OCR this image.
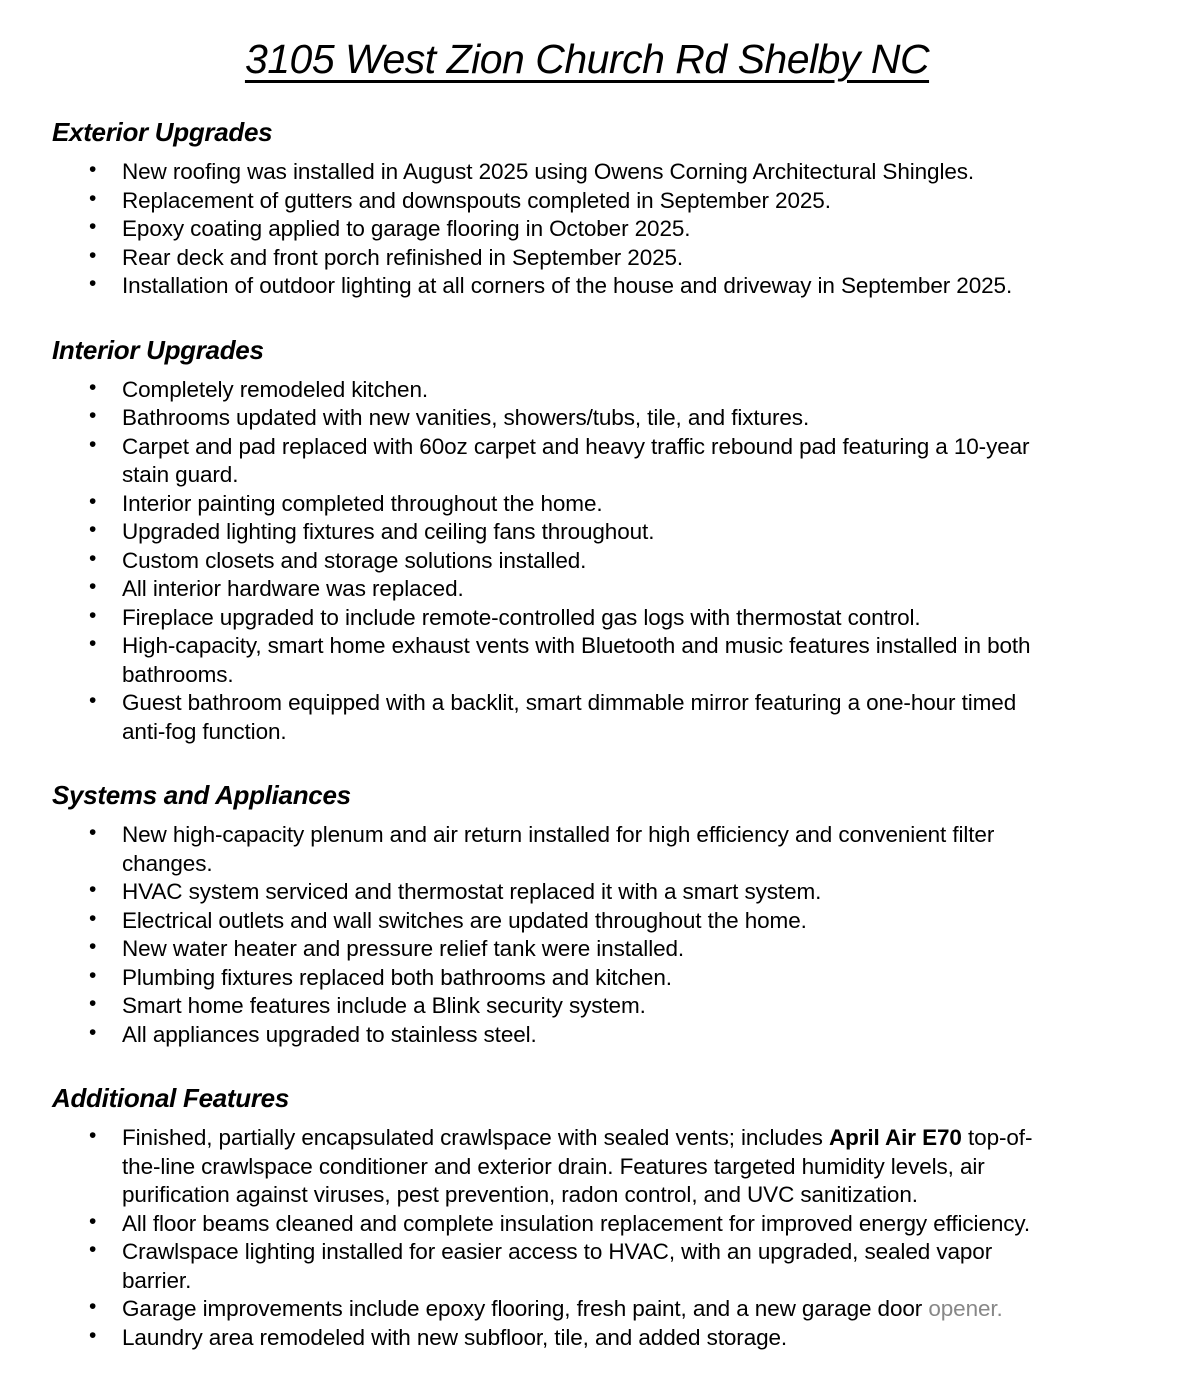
3105 West Zion Church Rd Shelby NC
Exterior Upgrades
• New roofing was installed in August 2025 using Owens Corning Architectural Shingles.
• Replacement of gutters and downspouts completed in September 2025.
• Epoxy coating applied to garage flooring in October 2025.
• Rear deck and front porch refinished in September 2025.
• Installation of outdoor lighting at all corners of the house and driveway in September 2025.
Interior Upgrades
• Completely remodeled kitchen.
• Bathrooms updated with new vanities, showers/tubs, tile, and fixtures.
• Carpet and pad replaced with 60oz carpet and heavy traffic rebound pad featuring a 10-year stain guard.
• Interior painting completed throughout the home.
• Upgraded lighting fixtures and ceiling fans throughout.
• Custom closets and storage solutions installed.
• All interior hardware was replaced.
• Fireplace upgraded to include remote-controlled gas logs with thermostat control.
• High-capacity, smart home exhaust vents with Bluetooth and music features installed in both bathrooms.
• Guest bathroom equipped with a backlit, smart dimmable mirror featuring a one-hour timed anti-fog function.
Systems and Appliances
• New high-capacity plenum and air return installed for high efficiency and convenient filter changes.
• HVAC system serviced and thermostat replaced it with a smart system.
• Electrical outlets and wall switches are updated throughout the home.
• New water heater and pressure relief tank were installed.
• Plumbing fixtures replaced both bathrooms and kitchen.
• Smart home features include a Blink security system.
• All appliances upgraded to stainless steel.
Additional Features
• Finished, partially encapsulated crawlspace with sealed vents; includes April Air E70 top-of-the-line crawlspace conditioner and exterior drain. Features targeted humidity levels, air purification against viruses, pest prevention, radon control, and UVC sanitization.
• All floor beams cleaned and complete insulation replacement for improved energy efficiency.
• Crawlspace lighting installed for easier access to HVAC, with an upgraded, sealed vapor barrier.
• Garage improvements include epoxy flooring, fresh paint, and a new garage door opener.
• Laundry area remodeled with new subfloor, tile, and added storage.
